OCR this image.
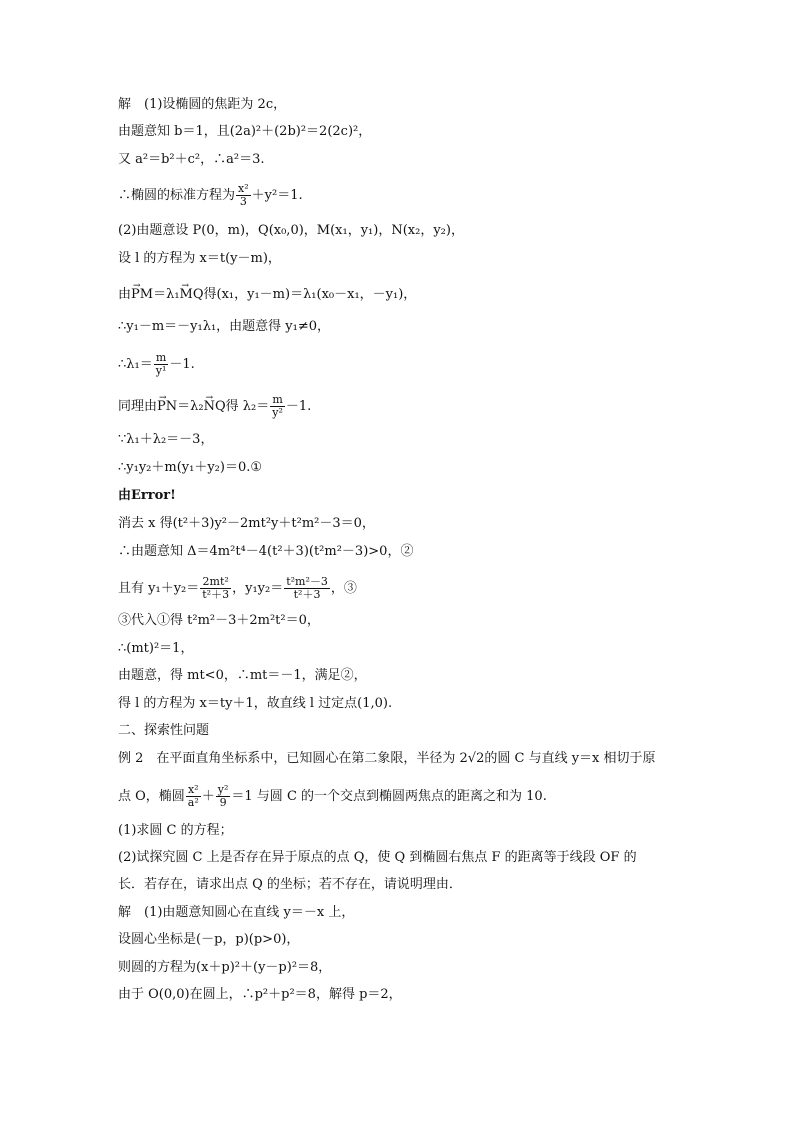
解　(1)设椭圆的焦距为 2c，
由题意知 b＝1，且(2a)²＋(2b)²＝2(2c)²，
又 a²＝b²＋c²，∴a²＝3.
∴椭圆的标准方程为 $\frac{\text{x²}}{3} +y^2=1$.
(2)由题意设 P(0，m)，Q(x₀,0)，M(x₁，y₁)，N(x₂，y₂)，
设 l 的方程为 x＝t(y－m)，
由→ PM＝λ₁→ MQ得(x₁，y₁－m)＝λ₁(x₀－x₁，－y₁)，
∴y₁－m＝－y₁λ₁，由题意得 y₁≠0，
∴λ₁＝ $\frac{m}{\text{y¹}} -1$.
同理由→ PN＝λ₂→ NQ得 $\lambda_2= \frac{m}{\text{y²}} -1$.
∵λ₁＋λ₂＝－3，
∴y₁y₂＋m(y₁＋y₂)＝0.①
由Error!
消去 x 得(t²＋3)y²－2mt²y＋t²m²－3＝0，
∴由题意知 Δ＝4m²t⁴－4(t²＋3)(t²m²－3)>0，②
且有 $y_1+y_2= \frac{\text{2mt²}}{\text{t²＋3}}$ ，$y_1y_2= \frac{\text{t²m²－3}}{\text{t²＋3}}$ ，③
③代入①得 t²m²－3＋2m²t²＝0，
∴(mt)²＝1，
由题意，得 mt<0，∴mt＝－1，满足②，
得 l 的方程为 x＝ty＋1，故直线 l 过定点(1,0).
二、探索性问题
例 2　在平面直角坐标系中，已知圆心在第二象限，半径为 2√2的圆 C 与直线 y＝x 相切于原
点 O，椭圆 $\frac{\text{x²}}{\text{a²}} + \frac{\text{y²}}{9} =1$ 与圆 C 的一个交点到椭圆两焦点的距离之和为 10.
(1)求圆 C 的方程；
(2)试探究圆 C 上是否存在异于原点的点 Q，使 Q 到椭圆右焦点 F 的距离等于线段 OF 的
长．若存在，请求出点 Q 的坐标；若不存在，请说明理由．
解　(1)由题意知圆心在直线 y＝－x 上，
设圆心坐标是(－p，p)(p>0)，
则圆的方程为(x＋p)²＋(y－p)²＝8，
由于 O(0,0)在圆上，∴p²＋p²＝8，解得 p＝2，
